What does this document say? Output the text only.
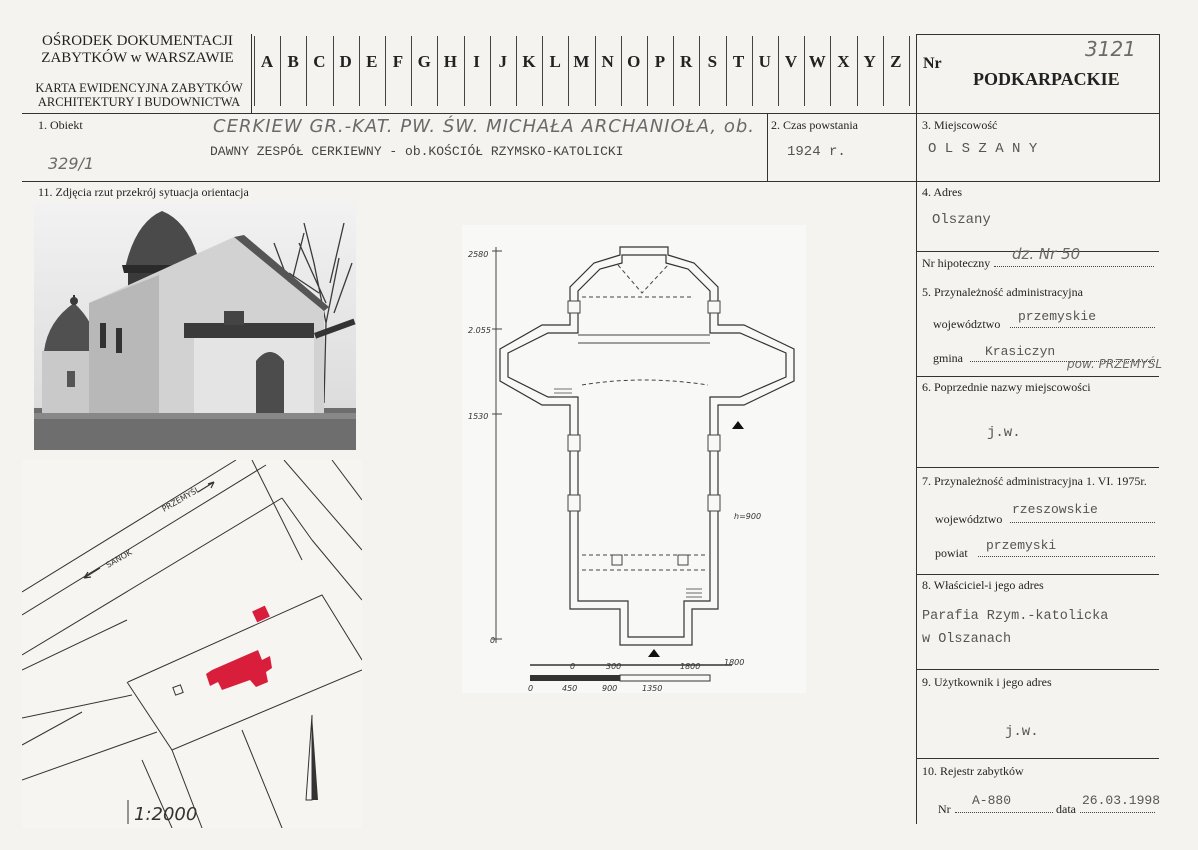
OŚRODEK DOKUMENTACJI
ZABYTKÓW w WARSZAWIE
KARTA EWIDENCYJNA ZABYTKÓW
ARCHITEKTURY I BUDOWNICTWA
A B C D E F G H I	J K L M N O P R S T U V W X Y Z	Nr
3121
PODKARPACKIE
1. Obiekt	CERKIEW GR.-KAT. PW. ŚW. MICHAŁA ARCHANIOŁA, ob.
DAWNY ZESPÓŁ CERKIEWNY - ob.KOŚCIÓŁ RZYMSKO-KATOLICKI
329/1
2. Czas powstania
1924 r.
3. Miejscowość
O L S Z A N Y
11. Zdjęcia rzut przekrój sytuacja orientacja	4. Adres
Olszany
Nr hipoteczny dz. Nr 50
5. Przynależność administracyjna
województwo przemyskie
gmina Krasiczyn
pow. PRZEMYŚL
6. Poprzednie nazwy miejscowości
j.w.
7. Przynależność administracyjna 1. VI. 1975r.
województwo
rzeszowskie
powiat przemyski
8. Właściciel-i jego adres
Parafia Rzym.-katolicka
w Olszanach
9. Użytkownik i jego adres
j.w.
10. Rejestr zabytków
Nr
A-880
data
26.03.1998
SANOK
PRZEMYŚL
1:2000
2580
2.055
1530
0
h=900
0	300	1800	1800
0	450	900	1350
